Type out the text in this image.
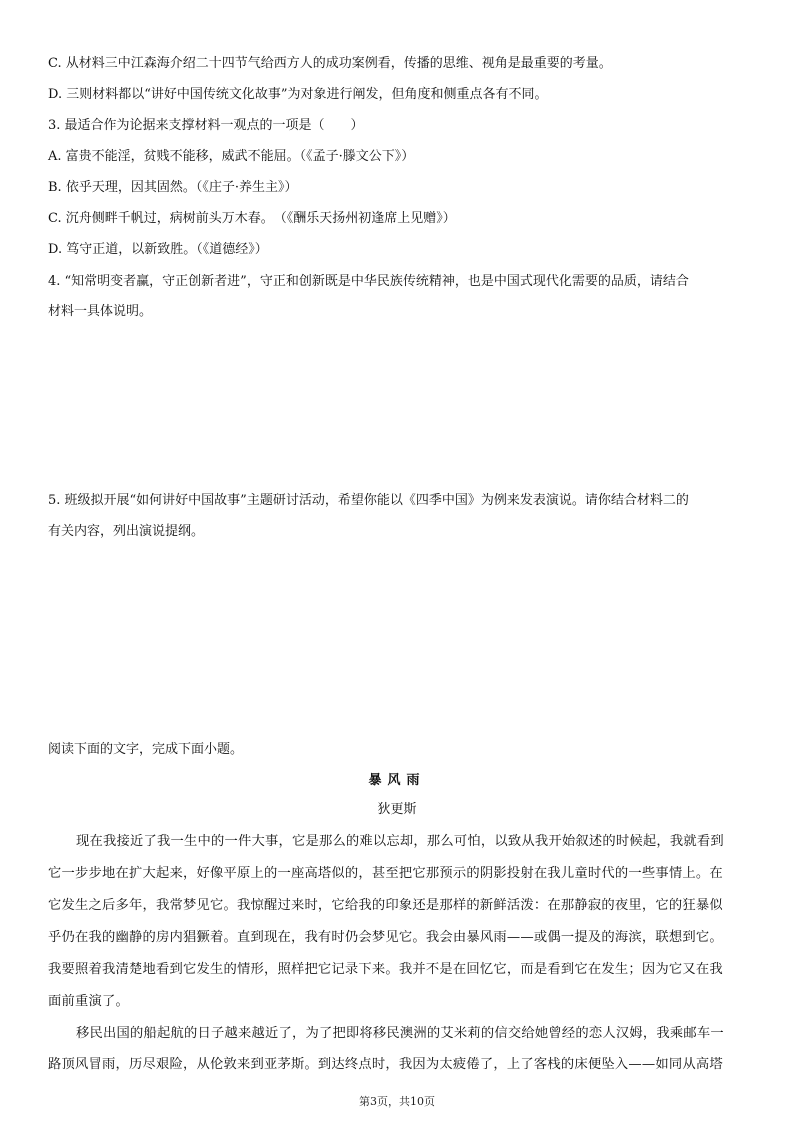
C. 从材料三中江森海介绍二十四节气给西方人的成功案例看，传播的思维、视角是最重要的考量。
D. 三则材料都以“讲好中国传统文化故事”为对象进行阐发，但角度和侧重点各有不同。
3. 最适合作为论据来支撑材料一观点的一项是（　　）
A. 富贵不能淫，贫贱不能移，威武不能屈。（《孟子·滕文公下》）
B. 依乎天理，因其固然。（《庄子·养生主》）
C. 沉舟侧畔千帆过，病树前头万木春。　（《酬乐天扬州初逢席上见赠》）
D. 笃守正道，以新致胜。（《道德经》）
4. “知常明变者赢，守正创新者进”，守正和创新既是中华民族传统精神，也是中国式现代化需要的品质，请结合
材料一具体说明。
5. 班级拟开展“如何讲好中国故事”主题研讨活动，希望你能以《四季中国》为例来发表演说。请你结合材料二的
有关内容，列出演说提纲。
阅读下面的文字，完成下面小题。
暴风雨
狄更斯
现在我接近了我一生中的一件大事，它是那么的难以忘却，那么可怕，以致从我开始叙述的时候起，我就看到
它一步步地在扩大起来，好像平原上的一座高塔似的，甚至把它那预示的阴影投射在我儿童时代的一些事情上。在
它发生之后多年，我常梦见它。我惊醒过来时，它给我的印象还是那样的新鲜活泼：在那静寂的夜里，它的狂暴似
乎仍在我的幽静的房内猖獗着。直到现在，我有时仍会梦见它。我会由暴风雨——或偶一提及的海滨，联想到它。
我要照着我清楚地看到它发生的情形，照样把它记录下来。我并不是在回忆它，而是看到它在发生；因为它又在我
面前重演了。
移民出国的船起航的日子越来越近了，为了把即将移民澳洲的艾米莉的信交给她曾经的恋人汉姆，我乘邮车一
路顶风冒雨，历尽艰险，从伦敦来到亚茅斯。到达终点时，我因为太疲倦了，上了客栈的床便坠入——如同从高塔
第3页，共10页
